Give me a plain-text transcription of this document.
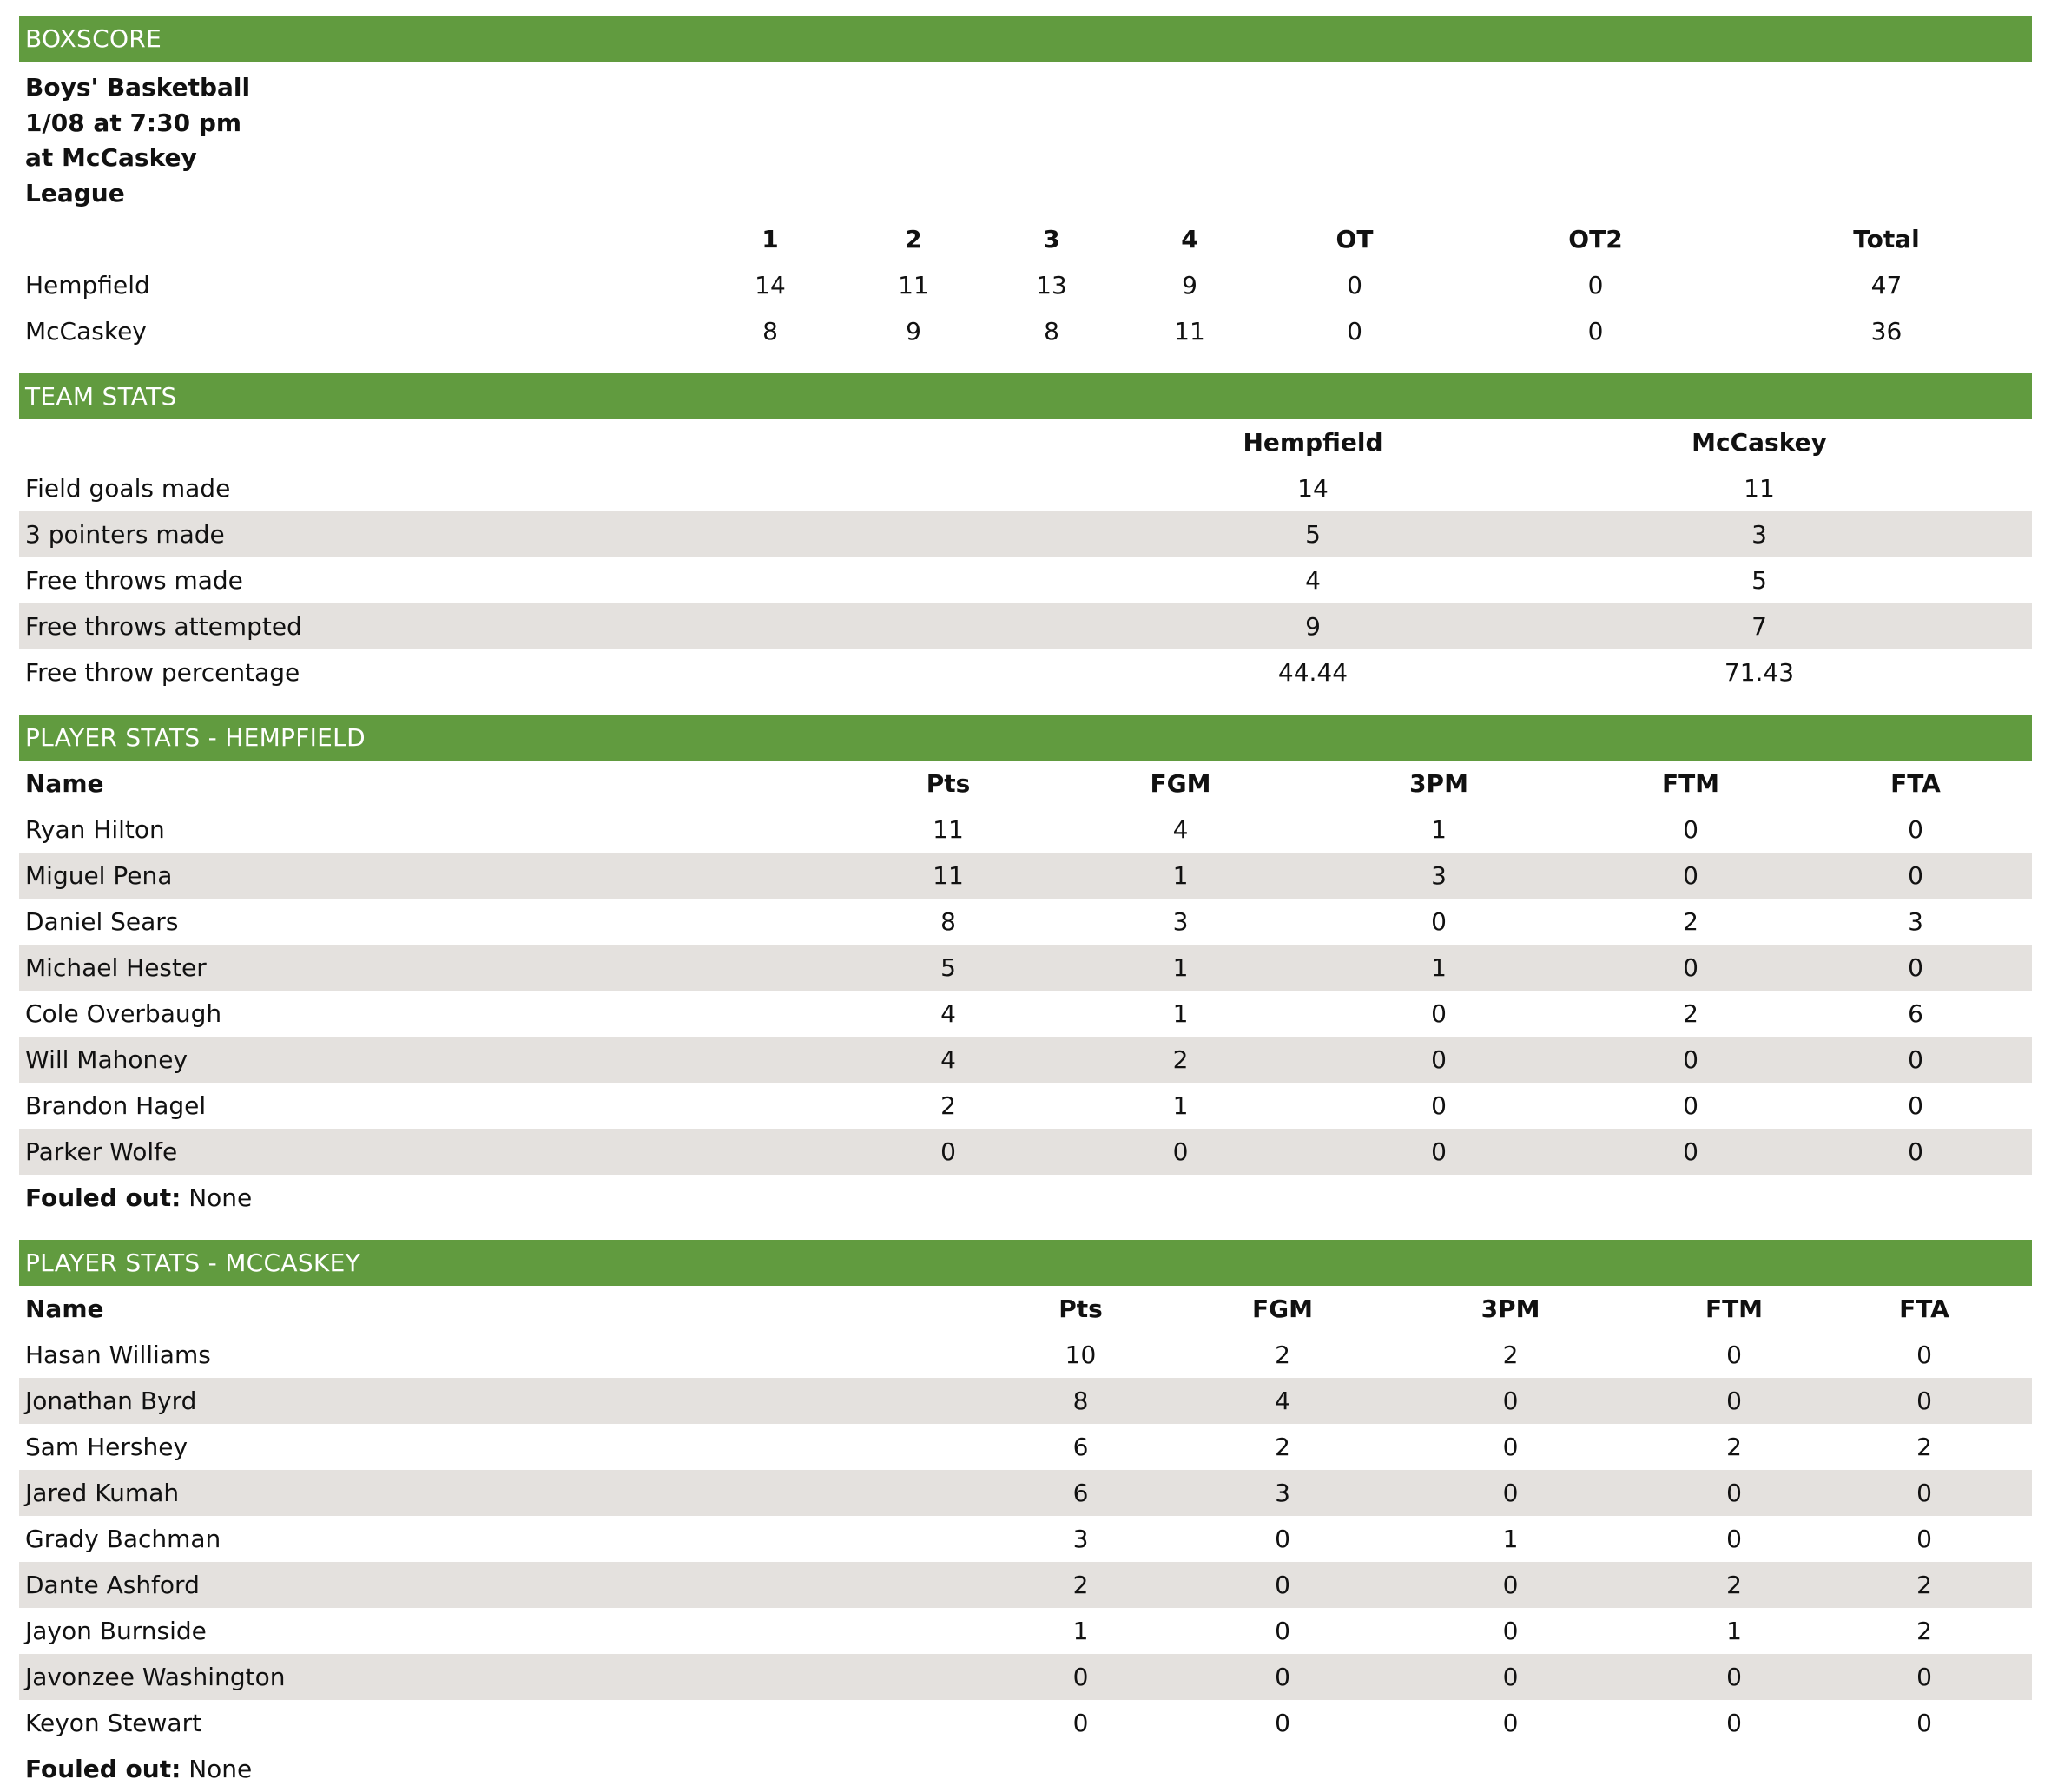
BOXSCORE
Boys' Basketball
1/08 at 7:30 pm
at McCaskey
League
	1	2	3	4	OT	OT2	Total
Hempfield	14	11	13	9	0	0	47
McCaskey	8	9	8	11	0	0	36
TEAM STATS
	Hempfield	McCaskey
Field goals made	14	11
3 pointers made	5	3
Free throws made	4	5
Free throws attempted	9	7
Free throw percentage	44.44	71.43
PLAYER STATS - HEMPFIELD
Name	Pts	FGM	3PM	FTM	FTA
Ryan Hilton	11	4	1	0	0
Miguel Pena	11	1	3	0	0
Daniel Sears	8	3	0	2	3
Michael Hester	5	1	1	0	0
Cole Overbaugh	4	1	0	2	6
Will Mahoney	4	2	0	0	0
Brandon Hagel	2	1	0	0	0
Parker Wolfe	0	0	0	0	0
Fouled out: None
PLAYER STATS - MCCASKEY
Name	Pts	FGM	3PM	FTM	FTA
Hasan Williams	10	2	2	0	0
Jonathan Byrd	8	4	0	0	0
Sam Hershey	6	2	0	2	2
Jared Kumah	6	3	0	0	0
Grady Bachman	3	0	1	0	0
Dante Ashford	2	0	0	2	2
Jayon Burnside	1	0	0	1	2
Javonzee Washington	0	0	0	0	0
Keyon Stewart	0	0	0	0	0
Fouled out: None
